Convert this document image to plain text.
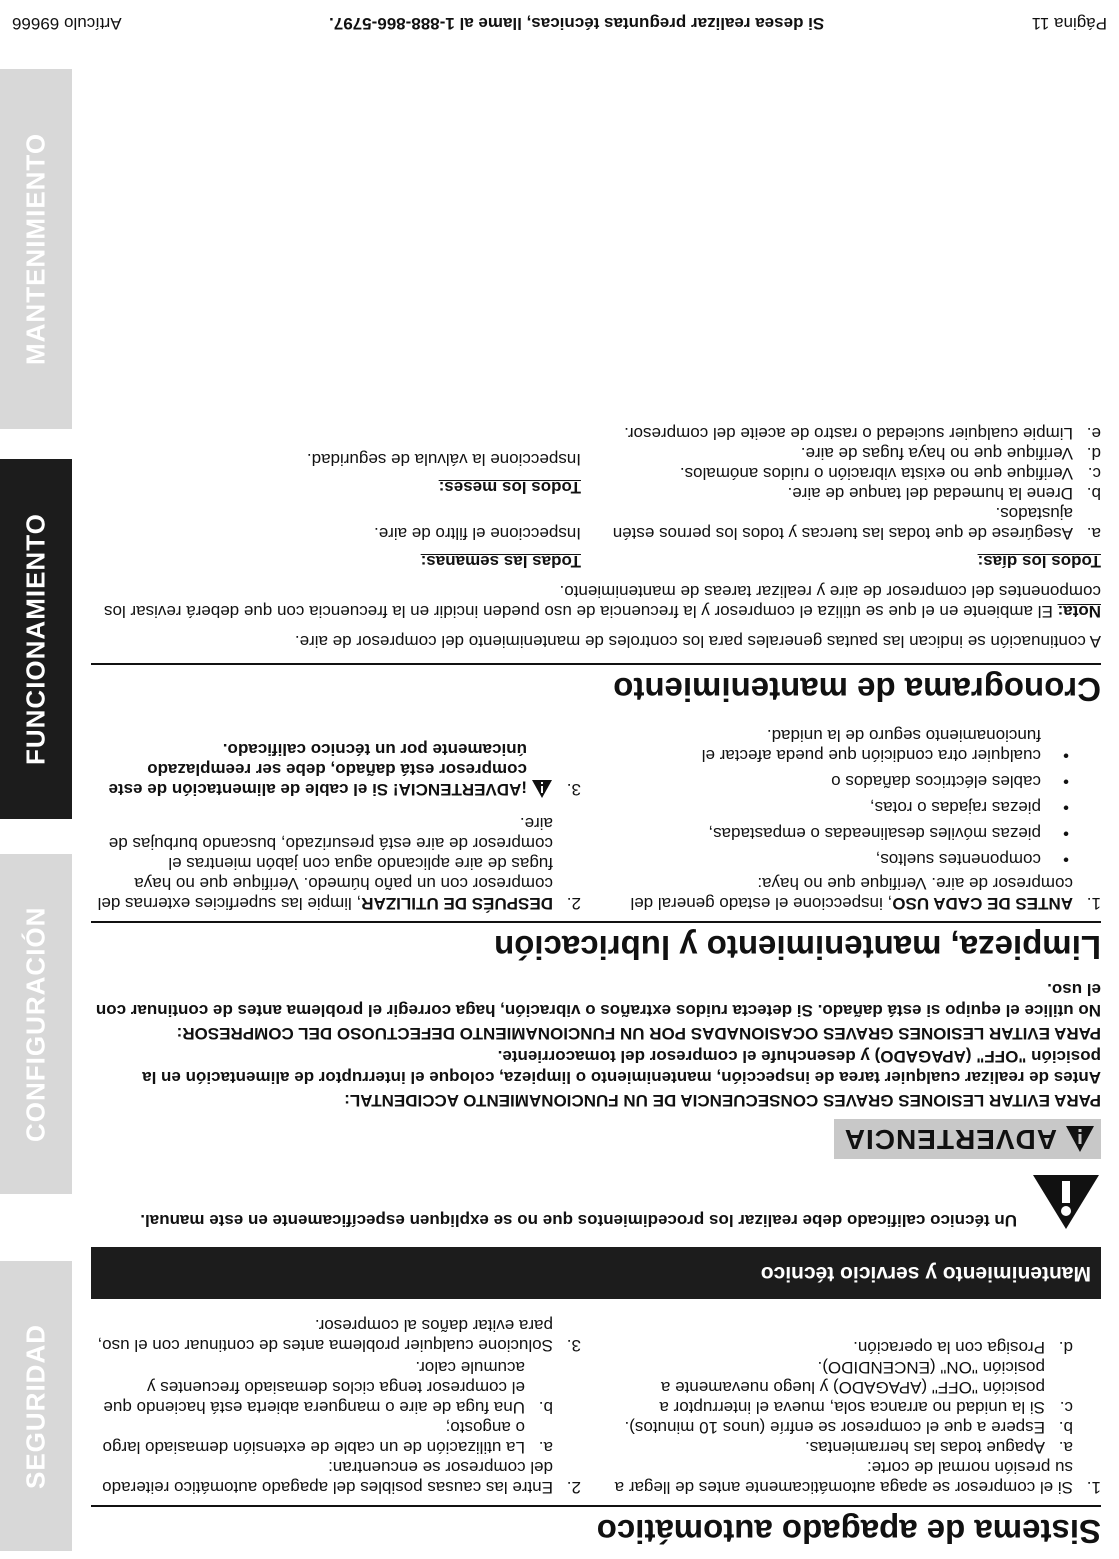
SEGURIDAD
CONFIGURACIÓN
FUNCIONAMIENTO
MANTENIMIENTO
Sistema de apagado automático
1.
Si el compresor se apaga automáticamente antes de llegar a su presión normal de corte:
a.
Apague todas las herramientas.
b.
Espere a que el compresor se enfríe (unos 10 minutos).
c.
Si la unidad no arranca sola, mueva el interruptor a posición "OFF" (APAGADO) y luego nuevamente a posición "ON" (ENCENDIDO).
d.
Prosiga con la operación.
2.
Entre las causas posibles del apagado automático reiterado del compresor se encuentran:
a.
La utilización de un cable de extensión demasiado largo o angosto;
b.
Una fuga de aire o manguera abierta está haciendo que el compresor tenga ciclos demasiado frecuentes y acumule calor.
3.
Solucione cualquier problema antes de continuar con el uso, para evitar daños al compresor.
Mantenimiento y servicio técnico
Un técnico calificado debe realizar los procedimientos que no se expliquen específicamente en este manual.
ADVERTENCIA

PARA EVITAR LESIONES GRAVES CONSECUENCIA DE UN FUNCIONAMIENTO ACCIDENTAL:

Antes de realizar cualquier tarea de inspección, mantenimiento o limpieza, coloque el interruptor de alimentación en la posición "OFF" (APAGADO) y desenchufe el compresor del tomacorriente.

PARA EVITAR LESIONES GRAVES OCASIONADAS POR UN FUNCIONAMIENTO DEFECTUOSO DEL COMPRESOR:

No utilice el equipo si está dañado. Si detecta ruidos extraños o vibración, haga corregir el problema antes de continuar con el uso.

Limpieza, mantenimiento y lubricación
1.
ANTES DE CADA USO, inspeccione el estado general del compresor de aire. Verifique que no haya:
•
componentes sueltos,
•
piezas móviles desalineadas o empastadas,
•
piezas rajadas o rotas,
•
cables eléctricos dañados o
•
cualquier otra condición que pueda afectar el funcionamiento seguro de la unidad.
2.
DESPUÉS DE UTILIZAR, limpie las superficies externas del compresor con un paño húmedo. Verifique que no haya fugas de aire aplicando agua con jabón mientras el compresor de aire está presurizado, buscando burbujas de aire.
3.
¡ADVERTENCIA! Si el cable de alimentación de este compresor está dañado, debe ser reemplazado únicamente por un técnico calificado.
Cronograma de mantenimiento
A continuación se indican las pautas generales para los controles de mantenimiento del compresor de aire.
Nota: El ambiente en el que se utiliza el compresor y la frecuencia de uso pueden incidir en la frecuencia con que deberá revisar los componentes del compresor de aire y realizar tareas de mantenimiento.
Todos los días:
a.
Asegúrese de que todas las tuercas y todos los pernos estén ajustados.
b.
Drene la humedad del tanque de aire.
c.
Verifique que no exista vibración o ruidos anómalos.
d.
Verifique que no haya fugas de aire.
e.
Limpie cualquier suciedad o rastro de aceite del compresor.
Todas las semanas:
Inspeccione el filtro de aire.
Todos los meses:
Inspeccione la válvula de seguridad.
Página 11
Si desea realizar preguntas técnicas, llame al 1-888-866-5797.
Artículo 69666
